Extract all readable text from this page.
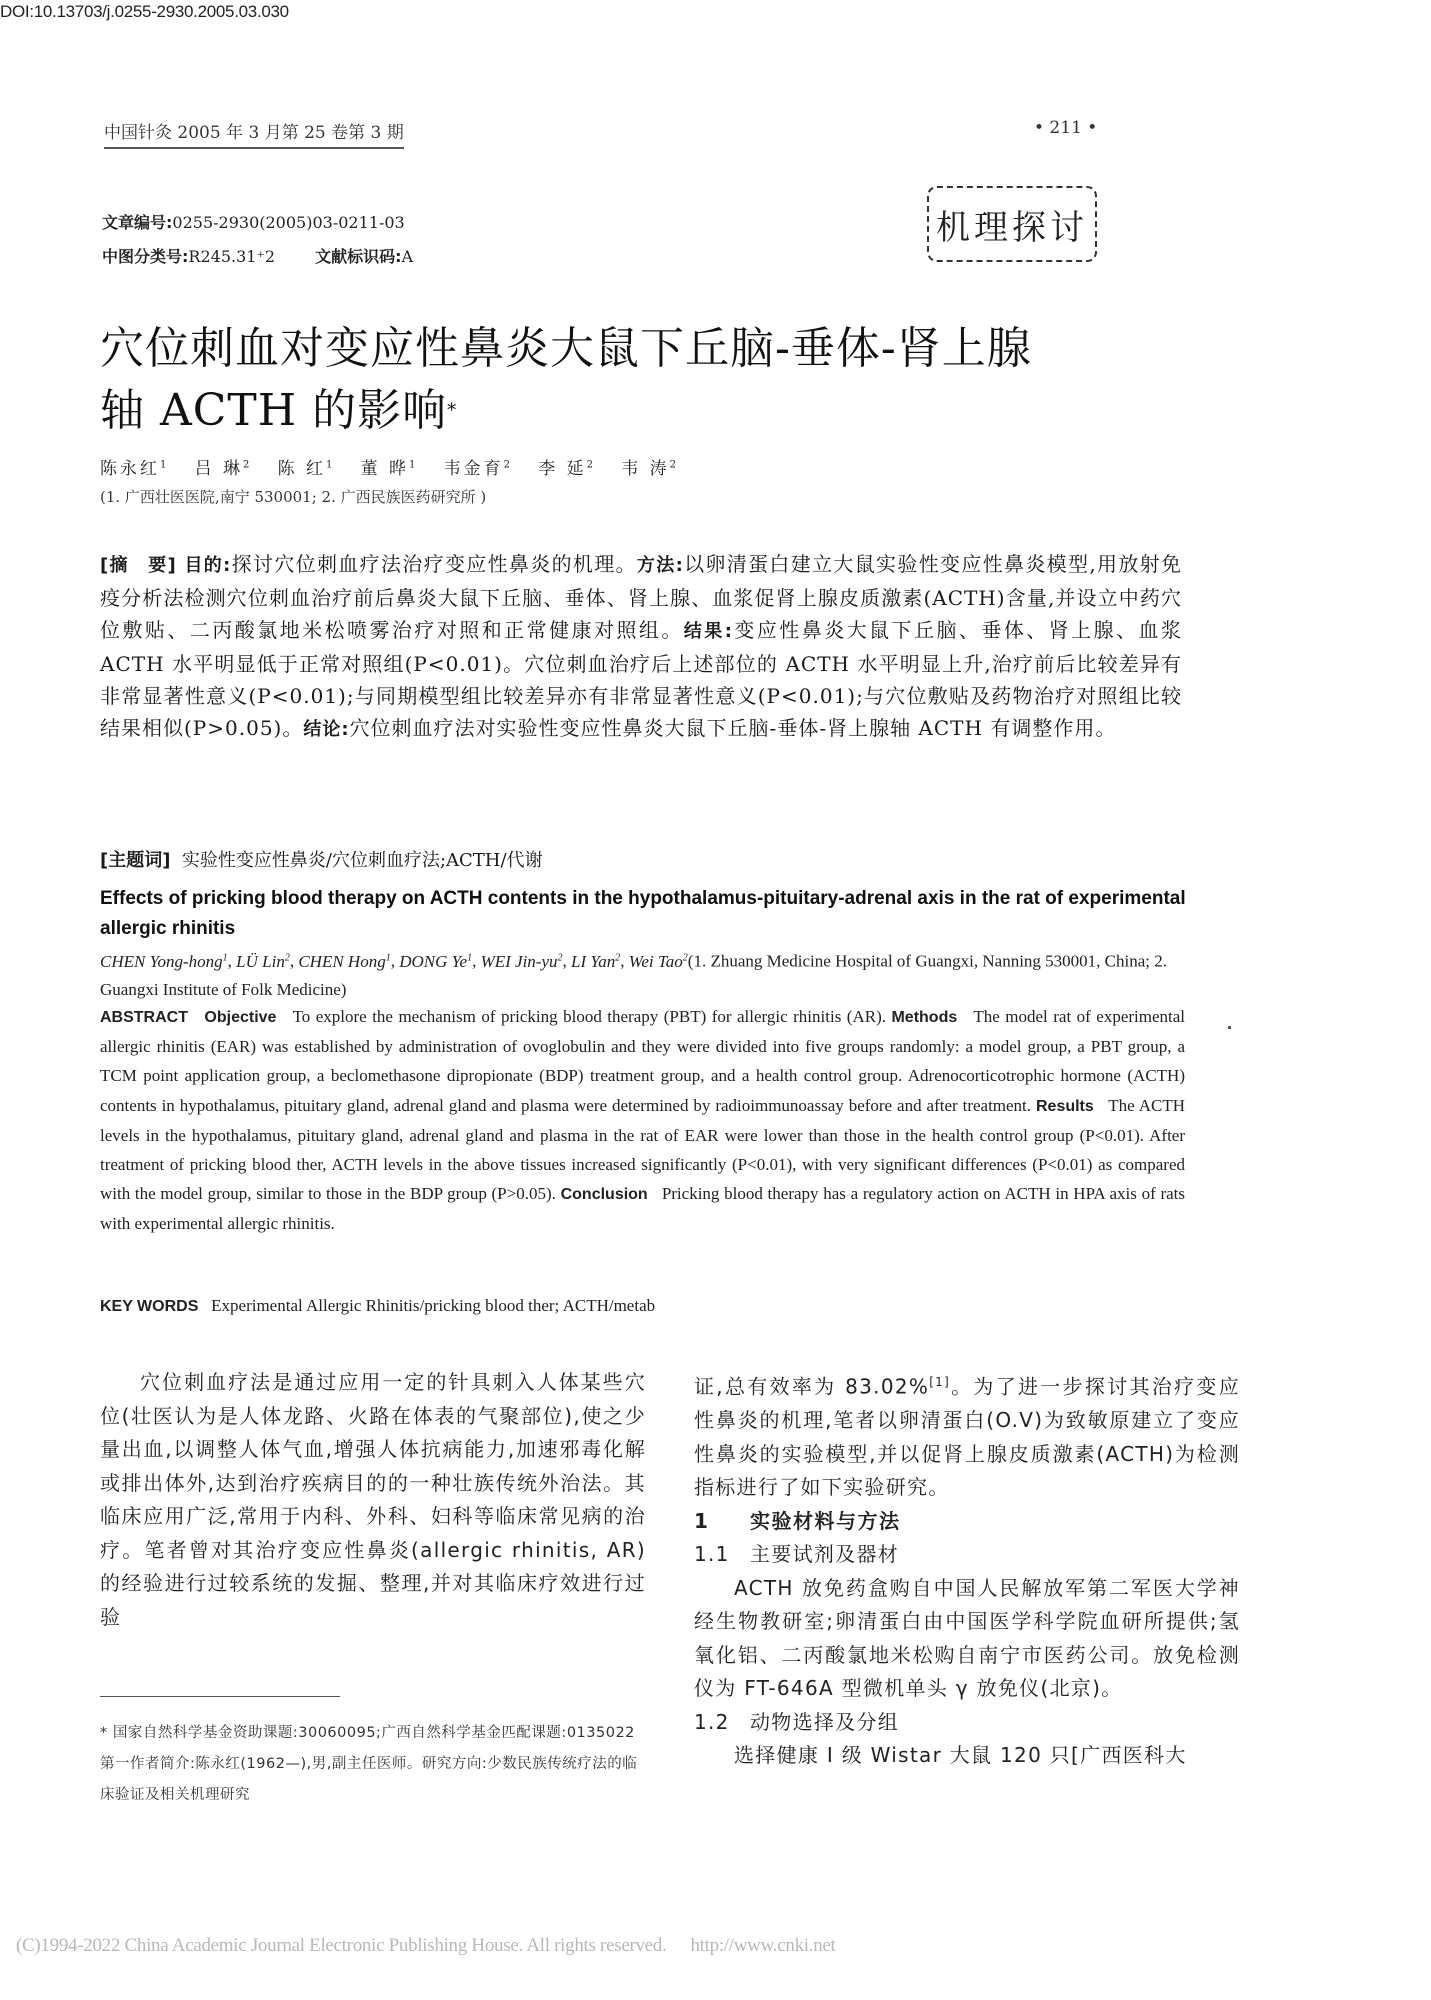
DOI:10.13703/j.0255-2930.2005.03.030
中国针灸 2005 年 3 月第 25 卷第 3 期	• 211 •
机理探讨
文章编号:0255-2930(2005)03-0211-03
中图分类号:R245.31⁺2	文献标识码:A
穴位刺血对变应性鼻炎大鼠下丘脑-垂体-肾上腺
轴 ACTH 的影响*
陈永红$^1$ 吕 琳$^2$ 陈 红$^1$ 董 晔$^1$ 韦金育$^2$ 李 延$^2$ 韦 涛$^2$
(1. 广西壮医医院,南宁 530001; 2. 广西民族医药研究所 )
[摘　要] 目的:探讨穴位刺血疗法治疗变应性鼻炎的机理。方法:以卵清蛋白建立大鼠实验性变应性鼻炎模型,用放射免疫分析法检测穴位刺血治疗前后鼻炎大鼠下丘脑、垂体、肾上腺、血浆促肾上腺皮质激素(ACTH)含量,并设立中药穴位敷贴、二丙酸氯地米松喷雾治疗对照和正常健康对照组。结果:变应性鼻炎大鼠下丘脑、垂体、肾上腺、血浆 ACTH 水平明显低于正常对照组(P<0.01)。穴位刺血治疗后上述部位的 ACTH 水平明显上升,治疗前后比较差异有非常显著性意义(P<0.01);与同期模型组比较差异亦有非常显著性意义(P<0.01);与穴位敷贴及药物治疗对照组比较结果相似(P>0.05)。结论:穴位刺血疗法对实验性变应性鼻炎大鼠下丘脑-垂体-肾上腺轴 ACTH 有调整作用。
[主题词] 实验性变应性鼻炎/穴位刺血疗法;ACTH/代谢
Effects of pricking blood therapy on ACTH contents in the hypothalamus-pituitary-adrenal axis in the rat of experimental allergic rhinitis
CHEN Yong-hong$^1$, LÜ Lin$^2$, CHEN Hong$^1$, DONG Ye$^1$, WEI Jin-$yu^2$, LI Yan$^2$, Wei Tao$^2$(1. Zhuang Medicine Hospital of Guangxi, Nanning 530001, China; 2. Guangxi Institute of Folk Medicine)
ABSTRACT Objective To explore the mechanism of pricking blood therapy (PBT) for allergic rhinitis (AR). Methods The model rat of experimental allergic rhinitis (EAR) was established by administration of ovoglobulin and they were divided into five groups randomly: a model group, a PBT group, a TCM point application group, a beclomethasone dipropionate (BDP) treatment group, and a health control group. Adrenocorticotrophic hormone (ACTH) contents in hypothalamus, pituitary gland, adrenal gland and plasma were determined by radioimmunoassay before and after treatment. Results The ACTH levels in the hypothalamus, pituitary gland, adrenal gland and plasma in the rat of EAR were lower than those in the health control group (P<0.01). After treatment of pricking blood ther, ACTH levels in the above tissues increased significantly (P<0.01), with very significant differences (P<0.01) as compared with the model group, similar to those in the BDP group (P>0.05). Conclusion Pricking blood therapy has a regulatory action on ACTH in HPA axis of rats with experimental allergic rhinitis.
KEY WORDS Experimental Allergic Rhinitis/pricking blood ther; ACTH/metab

穴位刺血疗法是通过应用一定的针具刺入人体某些穴位(壮医认为是人体龙路、火路在体表的气聚部位),使之少量出血,以调整人体气血,增强人体抗病能力,加速邪毒化解或排出体外,达到治疗疾病目的的一种壮族传统外治法。其临床应用广泛,常用于内科、外科、妇科等临床常见病的治疗。笔者曾对其治疗变应性鼻炎(allergic rhinitis, AR)的经验进行过较系统的发掘、整理,并对其临床疗效进行过验

* 国家自然科学基金资助课题:30060095;广西自然科学基金匹配课题:0135022

第一作者简介:陈永红(1962—),男,副主任医师。研究方向:少数民族传统疗法的临床验证及相关机理研究

证,总有效率为 83.02%[1]。为了进一步探讨其治疗变应性鼻炎的机理,笔者以卵清蛋白(O.V)为致敏原建立了变应性鼻炎的实验模型,并以促肾上腺皮质激素(ACTH)为检测指标进行了如下实验研究。

1 实验材料与方法
1.1 主要试剂及器材

ACTH 放免药盒购自中国人民解放军第二军医大学神经生物教研室;卵清蛋白由中国医学科学院血研所提供;氢氧化铝、二丙酸氯地米松购自南宁市医药公司。放免检测仪为 FT-646A 型微机单头 γ 放免仪(北京)。

1.2 动物选择及分组

选择健康 I 级 Wistar 大鼠 120 只[广西医科大

(C)1994-2022 China Academic Journal Electronic Publishing House. All rights reserved. http://www.cnki.net
